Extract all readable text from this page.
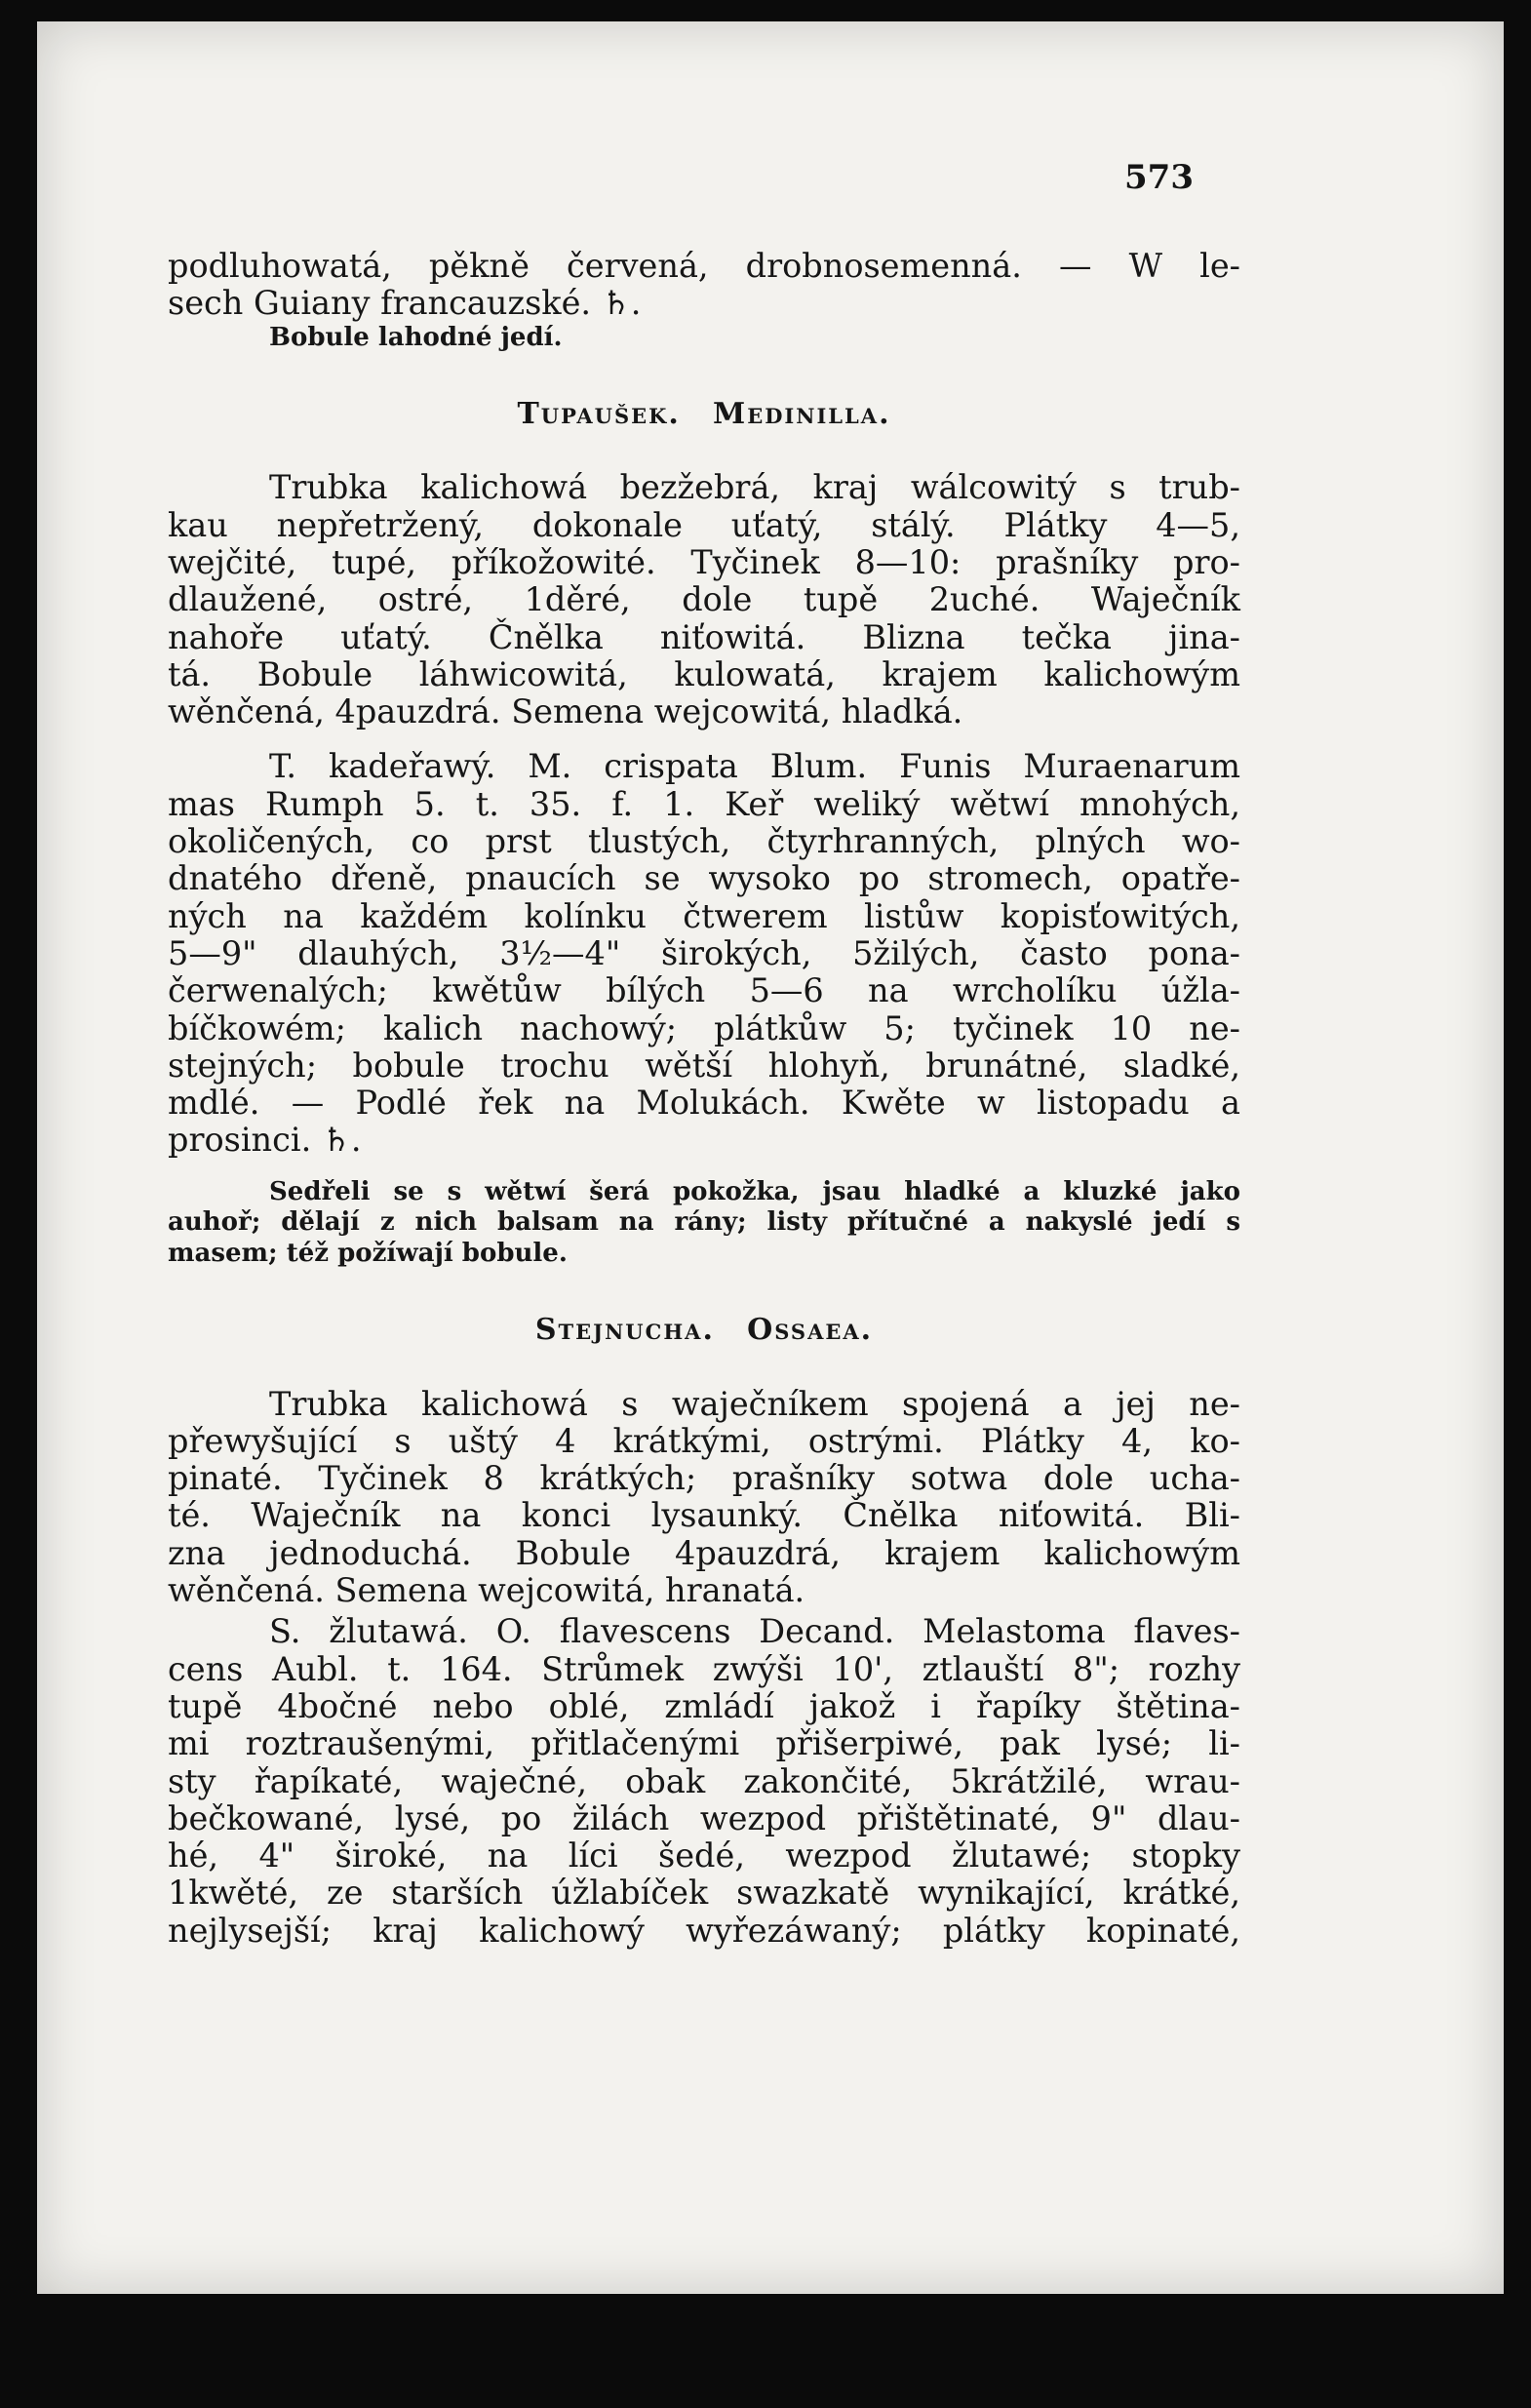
573

podluhowatá, pěkně červená, drobnosemenná. — W le-
sech Guiany francauzské. ♄.

Bobule lahodné jedí.

Tupaušek. Medinilla.

Trubka kalichowá bezžebrá, kraj wálcowitý s trub-
kau nepřetržený, dokonale uťatý, stálý. Plátky 4—5,
wejčité, tupé, příkožowité. Tyčinek 8—10: prašníky pro-
dlaužené, ostré, 1děré, dole tupě 2uché. Waječník
nahoře uťatý. Čnělka niťowitá. Blizna tečka jina-
tá. Bobule láhwicowitá, kulowatá, krajem kalichowým
wěnčená, 4pauzdrá. Semena wejcowitá, hladká.

T. kadeřawý. M. crispata Blum. Funis Muraenarum
mas Rumph 5. t. 35. f. 1. Keř weliký wětwí mnohých,
okoličených, co prst tlustých, čtyrhranných, plných wo-
dnatého dřeně, pnaucích se wysoko po stromech, opatře-
ných na každém kolínku čtwerem listůw kopisťowitých,
5—9" dlauhých, 3½—4" širokých, 5žilých, často pona-
čerwenalých; kwětůw bílých 5—6 na wrcholíku úžla-
bíčkowém; kalich nachowý; plátkůw 5; tyčinek 10 ne-
stejných; bobule trochu wětší hlohyň, brunátné, sladké,
mdlé. — Podlé řek na Molukách. Kwěte w listopadu a
prosinci. ♄.

Sedřeli se s wětwí šerá pokožka, jsau hladké a kluzké jako

auhoř; dělají z nich balsam na rány; listy přítučné a nakyslé jedí s
masem; též požíwají bobule.

Stejnucha. Ossaea.

Trubka kalichowá s waječníkem spojená a jej ne-
přewyšující s uštý 4 krátkými, ostrými. Plátky 4, ko-
pinaté. Tyčinek 8 krátkých; prašníky sotwa dole ucha-
té. Waječník na konci lysaunký. Čnělka niťowitá. Bli-
zna jednoduchá. Bobule 4pauzdrá, krajem kalichowým
wěnčená. Semena wejcowitá, hranatá.

S. žlutawá. O. flavescens Decand. Melastoma flaves-
cens Aubl. t. 164. Strůmek zwýši 10', ztlauští 8"; rozhy
tupě 4bočné nebo oblé, zmládí jakož i řapíky štětina-
mi roztraušenými, přitlačenými přišerpiwé, pak lysé; li-
sty řapíkaté, waječné, obak zakončité, 5krátžilé, wrau-
bečkowané, lysé, po žilách wezpod přištětinaté, 9" dlau-
hé, 4" široké, na líci šedé, wezpod žlutawé; stopky
1kwěté, ze starších úžlabíček swazkatě wynikající, krátké,
nejlysejší; kraj kalichowý wyřezáwaný; plátky kopinaté,
